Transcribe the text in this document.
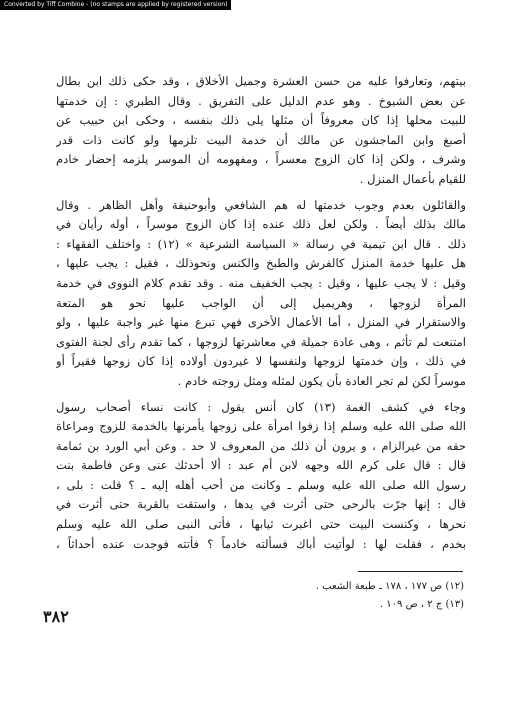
Converted by Tiff Combine - (no stamps are applied by registered version)
بيتهم، وتعارفوا عليه من حسن العشرة وجميل الأخلاق ، وقد حكى ذلك ابن بطال
عن بعض الشيوخ . وهو عدم الدليل على التفريق . وقال الطبري : إن خدمتها
للبيت محلها إذا كان معروفاً أن مثلها يلى ذلك بنفسه ، وحكى ابن حبيب عن
أصبغ وابن الماجشون عن مالك أن خدمة البيت تلزمها ولو كانت ذات قدر
وشرف ، ولكن إذا كان الزوج معسراً ، ومفهومه أن الموسر يلزمه إحضار خادم
للقيام بأعمال المنزل .
والقائلون بعدم وجوب خدمتها له هم الشافعي وأبوحنيفة وأهل الظاهر . وقال
مالك بذلك أيضاً . ولكن لعل ذلك عنده إذا كان الزوج موسراً ، أوله رأيان في
ذلك . قال ابن تيمية في رسالة « السياسة الشرعية » (١٢) : واختلف الفقهاء :
هل عليها خدمة المنزل كالفرش والطبخ والكنس ونحوذلك ، فقيل : يجب عليها ،
وقيل : لا يجب عليها ، وقيل : يجب الخفيف منه . وقد تقدم كلام النووى في خدمة
المرأة لزوجها ، وهريميل إلى أن الواجب عليها نحو هو المتعة
والاستقرار في المنزل ، أما الأعمال الأخرى فهي تبرع منها غير واجبة عليها ، ولو
امتنعت لم تأثم ، وهى عادة جميلة في معاشرتها لزوجها ، كما تقدم رأى لجنة الفتوى
في ذلك ، وإن خدمتها لزوجها ولنفسها لا غيردون أولاده إذا كان زوجها فقيراً أو
موسراً لكن لم تجر العادة بأن يكون لمثله ومثل زوجته خادم .
وجاء في كشف الغمة (١٣) كان أنس يقول : كانت نساء أصحاب رسول
الله صلى الله عليه وسلم إذا زفوا امرأة على زوجها يأمرنها بالخدمة للزوج ومراعاة
حقه من غيرالزام ، و يرون أن ذلك من المعروف لا حد . وعن أبي الورد بن ثمامة
قال : قال على كرم الله وجهه لابن أم عبد : ألا أحدثك عنى وعن فاطمة بنت
رسول الله صلى الله عليه وسلم ـ وكانت من أحب أهله إليه ـ ؟ قلت : بلى ،
قال : إنها جرّت بالرحى حتى أثرت في يدها ، واستقت بالقربة حتى أثرت في
نحرها ، وكنست البيت حتى اغبرت ثيابها ، فأتى النبى صلى الله عليه وسلم
بخدم ، فقلت لها : لوأتيت أباك فسألته خادماً ؟ فأتته فوجدت عنده أحداثاً ،
(١٢) ص ١٧٧ ، ١٧٨ ـ طبعة الشعب .
(١٣) ج ٢ ، ص ١٠٩ .
٣٨٢
